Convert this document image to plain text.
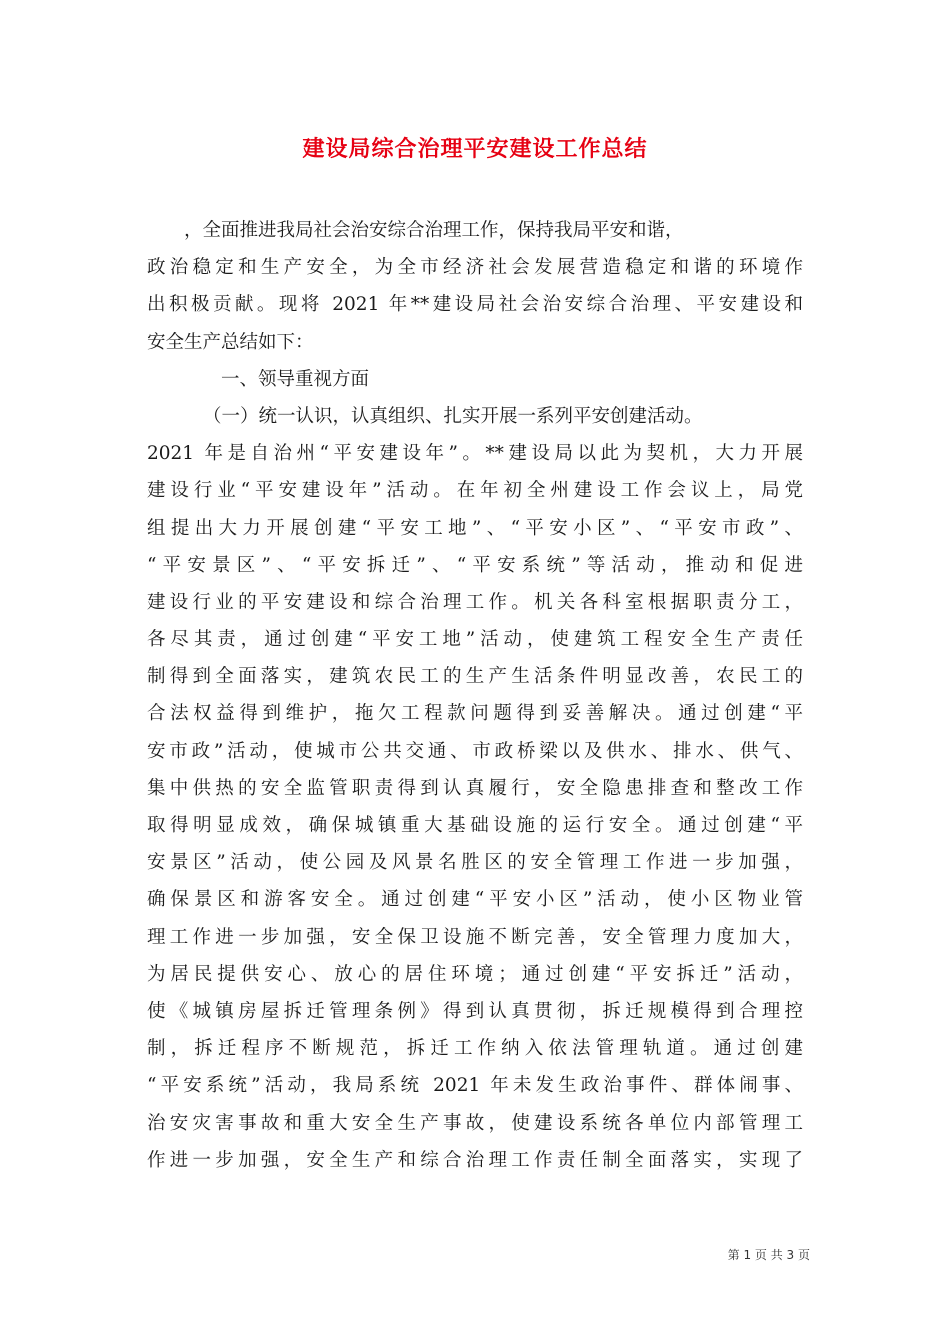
建设局综合治理平安建设工作总结
，全面推进我局社会治安综合治理工作，保持我局平安和谐，
政治稳定和生产安全，为全市经济社会发展营造稳定和谐的环境作
出积极贡献。现将 2021 年**建设局社会治安综合治理、平安建设和
安全生产总结如下：
一、领导重视方面
（一）统一认识，认真组织、扎实开展一系列平安创建活动。
2021 年是自治州“平安建设年”。**建设局以此为契机，大力开展
建设行业“平安建设年”活动。在年初全州建设工作会议上，局党
组提出大力开展创建“平安工地”、“平安小区”、“平安市政”、
“平安景区”、“平安拆迁”、“平安系统”等活动，推动和促进
建设行业的平安建设和综合治理工作。机关各科室根据职责分工，
各尽其责，通过创建“平安工地”活动，使建筑工程安全生产责任
制得到全面落实，建筑农民工的生产生活条件明显改善，农民工的
合法权益得到维护，拖欠工程款问题得到妥善解决。通过创建“平
安市政”活动，使城市公共交通、市政桥梁以及供水、排水、供气、
集中供热的安全监管职责得到认真履行，安全隐患排查和整改工作
取得明显成效，确保城镇重大基础设施的运行安全。通过创建“平
安景区”活动，使公园及风景名胜区的安全管理工作进一步加强，
确保景区和游客安全。通过创建“平安小区”活动，使小区物业管
理工作进一步加强，安全保卫设施不断完善，安全管理力度加大，
为居民提供安心、放心的居住环境；通过创建“平安拆迁”活动，
使《城镇房屋拆迁管理条例》得到认真贯彻，拆迁规模得到合理控
制，拆迁程序不断规范，拆迁工作纳入依法管理轨道。通过创建
“平安系统”活动，我局系统 2021 年未发生政治事件、群体闹事、
治安灾害事故和重大安全生产事故，使建设系统各单位内部管理工
作进一步加强，安全生产和综合治理工作责任制全面落实，实现了
第 1 页 共 3 页
